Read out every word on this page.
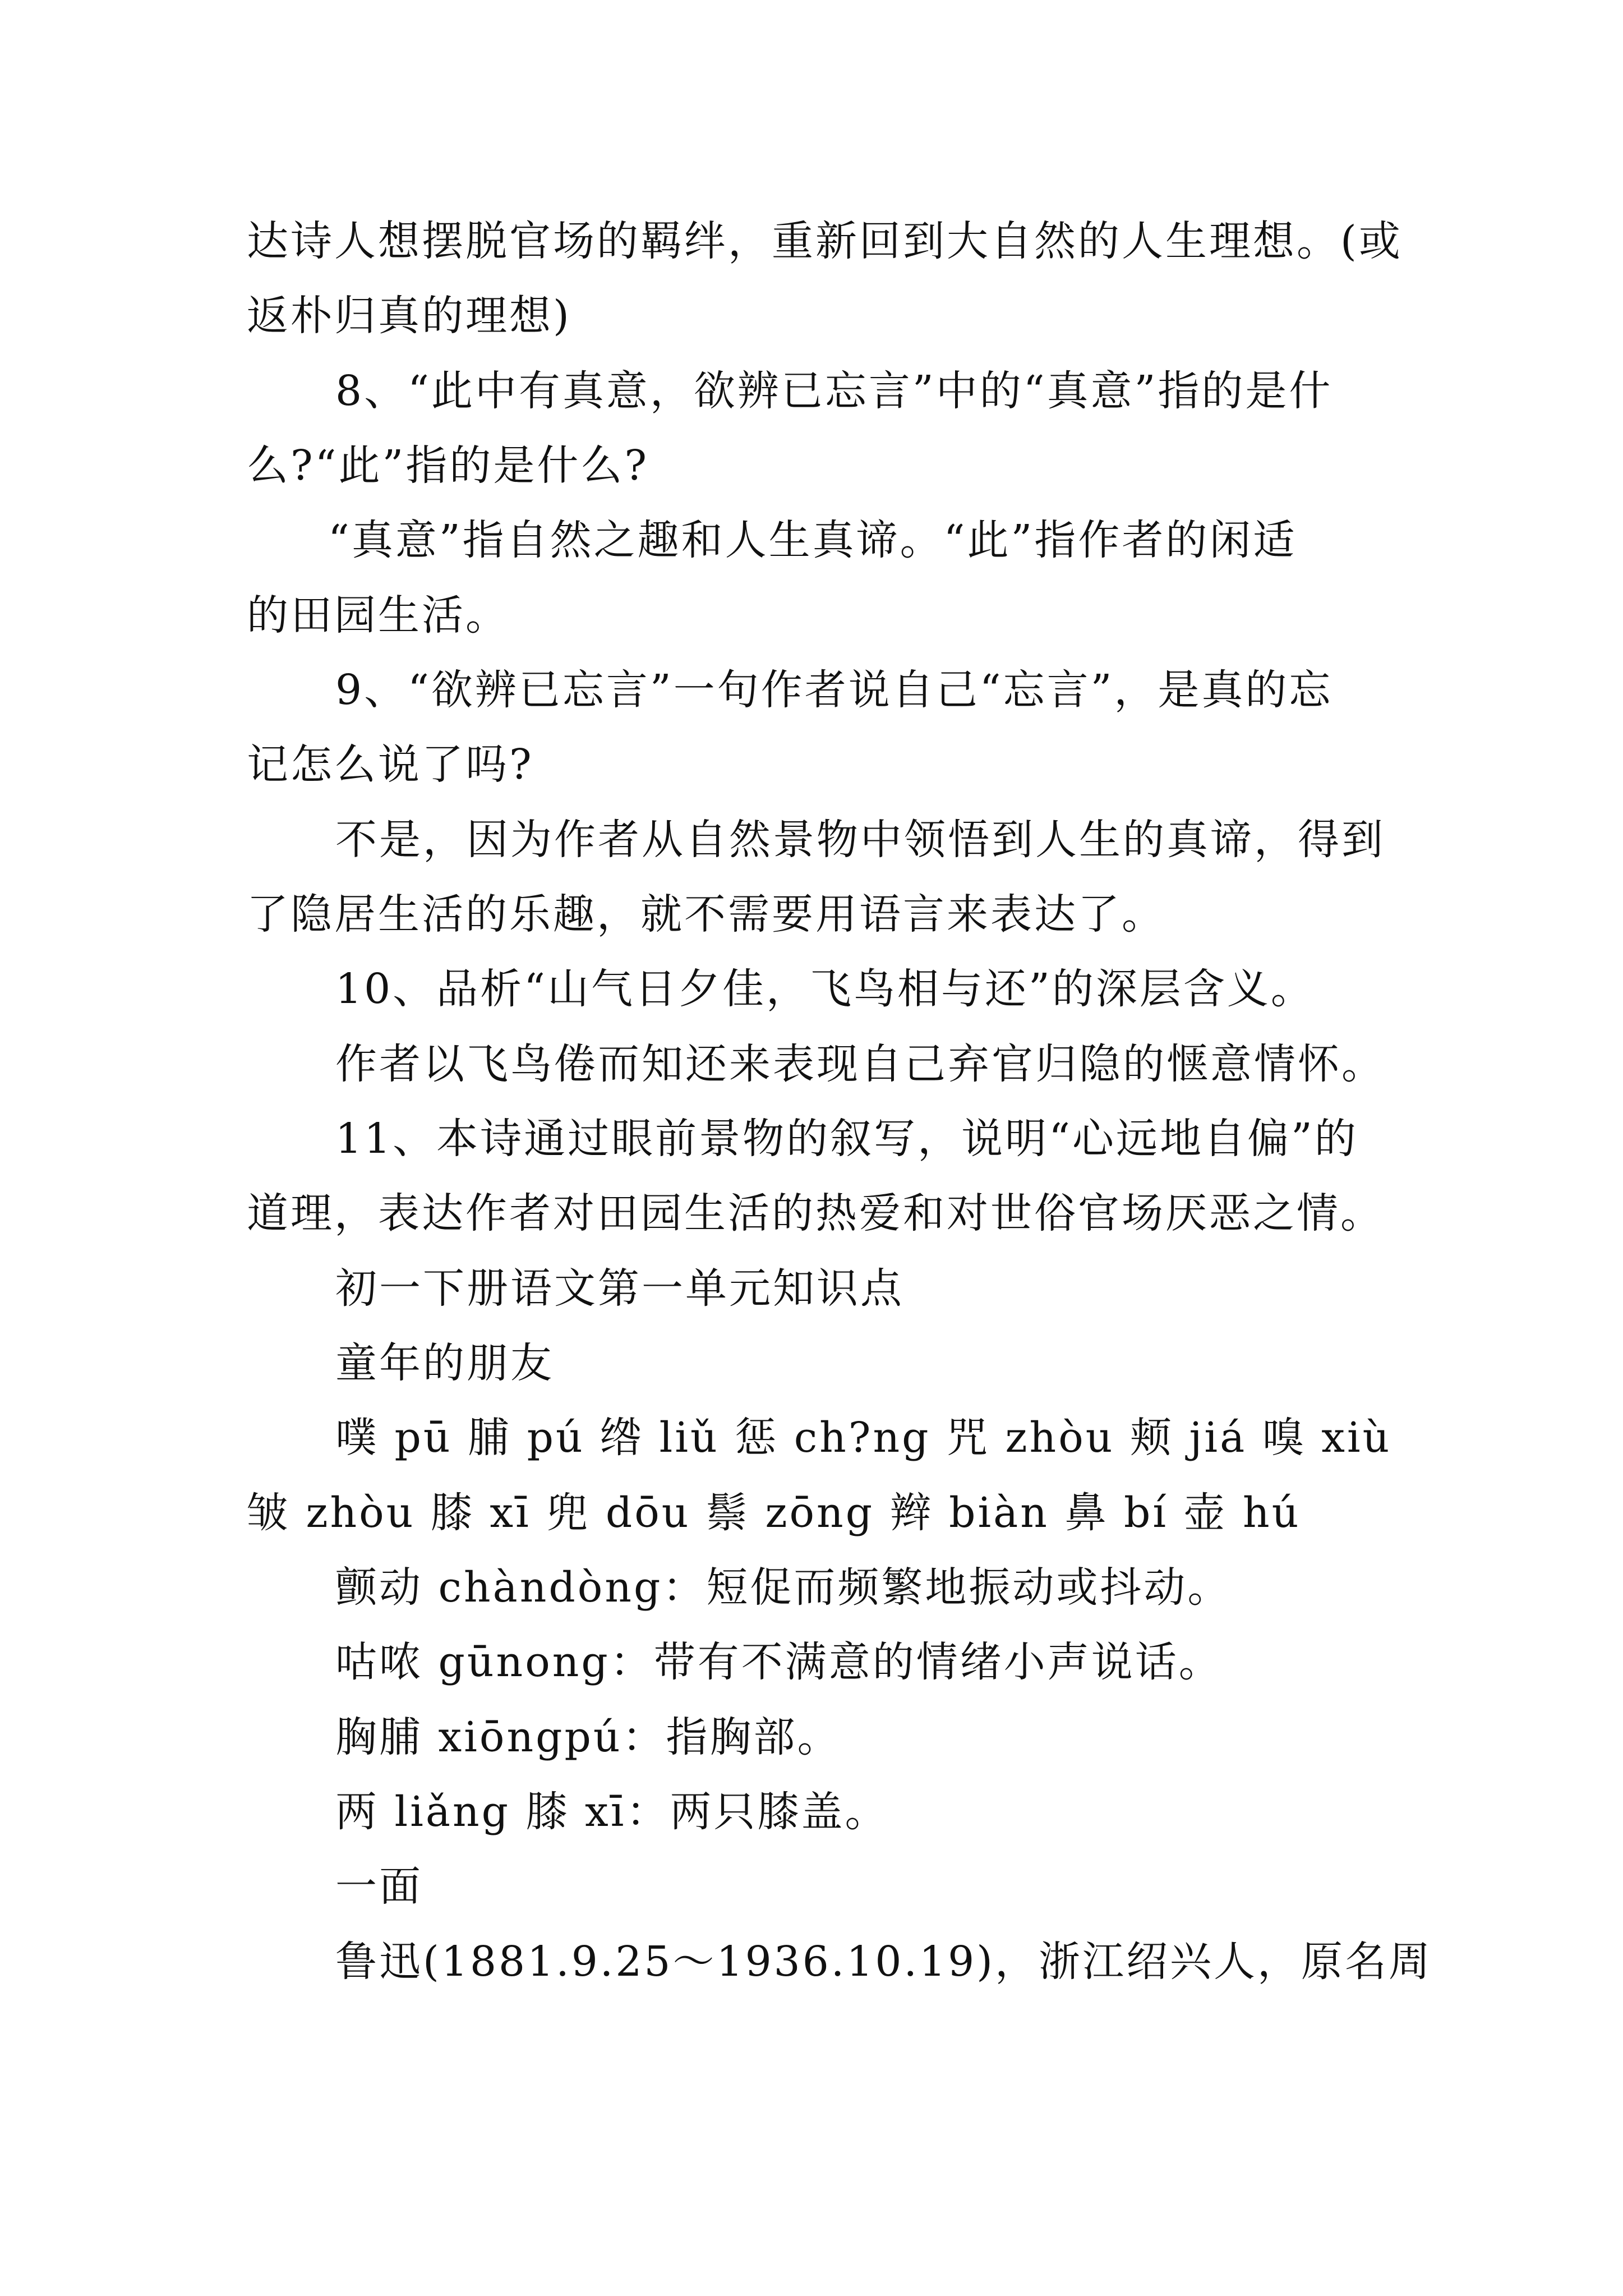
达诗人想摆脱官场的羁绊，重新回到大自然的人生理想。(或
返朴归真的理想)
8、“此中有真意，欲辨已忘言”中的“真意”指的是什
么?“此”指的是什么?
“真意”指自然之趣和人生真谛。“此”指作者的闲适
的田园生活。
9、“欲辨已忘言”一句作者说自己“忘言”，是真的忘
记怎么说了吗?
不是，因为作者从自然景物中领悟到人生的真谛，得到
了隐居生活的乐趣，就不需要用语言来表达了。
10、品析“山气日夕佳，飞鸟相与还”的深层含义。
作者以飞鸟倦而知还来表现自己弃官归隐的惬意情怀。
11、本诗通过眼前景物的叙写，说明“心远地自偏”的
道理，表达作者对田园生活的热爱和对世俗官场厌恶之情。
初一下册语文第一单元知识点
童年的朋友
噗 pū 脯 pú 绺 liǔ 惩 ch?ng 咒 zhòu 颊 jiá 嗅 xiù
皱 zhòu 膝 xī 兜 dōu 鬃 zōng 辫 biàn 鼻 bí 壶 hú
颤动 chàndòng：短促而频繁地振动或抖动。
咕哝 gūnong：带有不满意的情绪小声说话。
胸脯 xiōngpú：指胸部。
两 liǎng 膝 xī：两只膝盖。
一面
鲁迅(1881.9.25～1936.10.19)，浙江绍兴人，原名周
